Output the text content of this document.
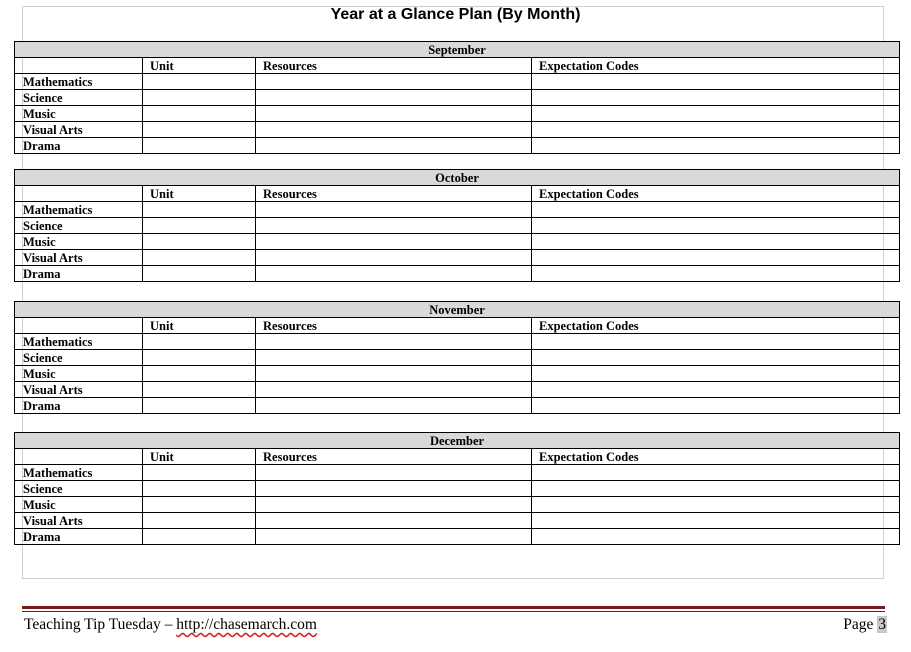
Year at a Glance Plan (By Month)
September			
	Unit	Resources	Expectation Codes
Mathematics			
Science			
Music			
Visual Arts			
Drama			
October			
	Unit	Resources	Expectation Codes
Mathematics			
Science			
Music			
Visual Arts			
Drama			
November			
	Unit	Resources	Expectation Codes
Mathematics			
Science			
Music			
Visual Arts			
Drama			
December			
	Unit	Resources	Expectation Codes
Mathematics			
Science			
Music			
Visual Arts			
Drama			
Teaching Tip Tuesday – http://chasemarch.com	Page 3
